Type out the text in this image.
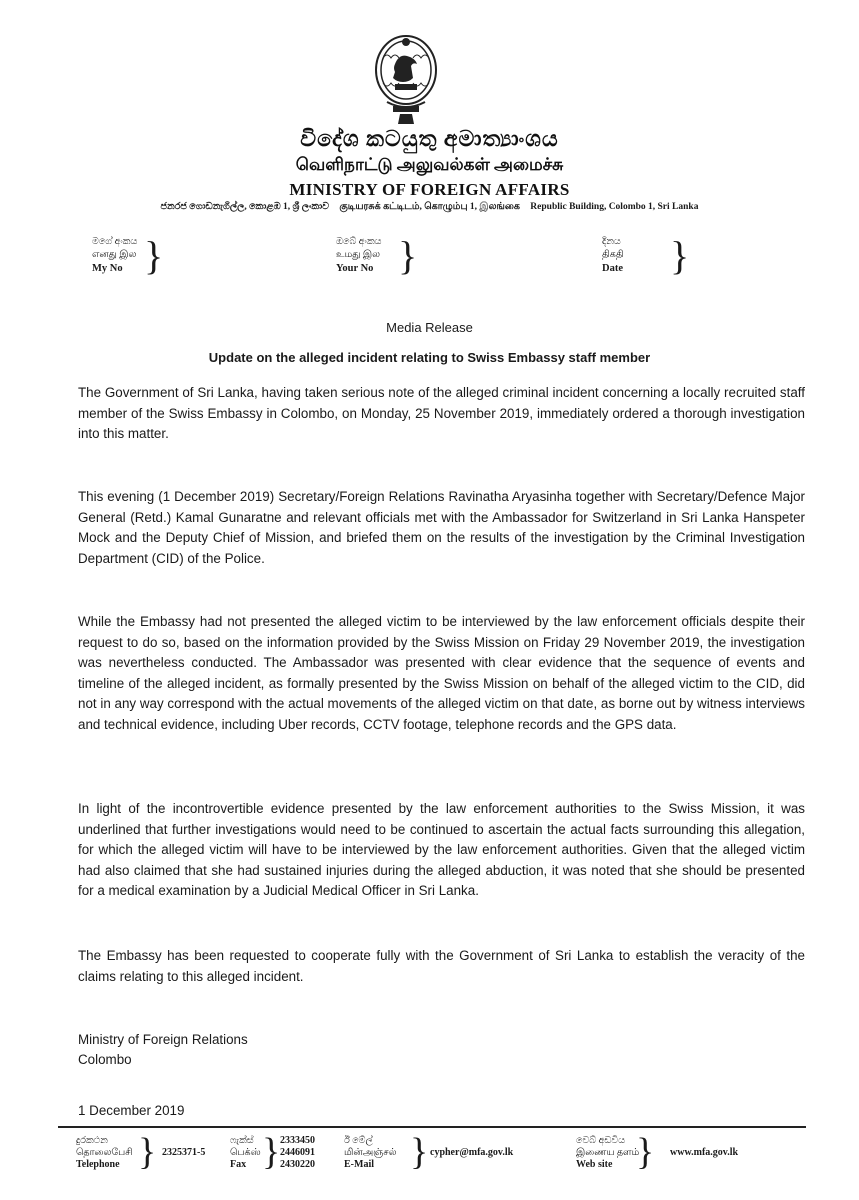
විදේශ කටයුතු අමාත්‍යාංශය
வெளிநாட்டு அலுவல்கள் அமைச்சு
MINISTRY OF FOREIGN AFFAIRS
ජනරජ ගොඩනැගිල්ල, කොළඹ 1, ශ්‍රී ලංකාව குடியரசுக் கட்டிடம், கொழும்பு 1, இலங்கை Republic Building, Colombo 1, Sri Lanka
මගේ අංකය
எனது இல
My No }	ඔබේ අංකය
உமது இல
Your No }	දිනය
திகதி
Date }
Media Release
Update on the alleged incident relating to Swiss Embassy staff member

The Government of Sri Lanka, having taken serious note of the alleged criminal incident concerning a locally recruited staff member of the Swiss Embassy in Colombo, on Monday, 25 November 2019, immediately ordered a thorough investigation into this matter.

This evening (1 December 2019) Secretary/Foreign Relations Ravinatha Aryasinha together with Secretary/Defence Major General (Retd.) Kamal Gunaratne and relevant officials met with the Ambassador for Switzerland in Sri Lanka Hanspeter Mock and the Deputy Chief of Mission, and briefed them on the results of the investigation by the Criminal Investigation Department (CID) of the Police.

While the Embassy had not presented the alleged victim to be interviewed by the law enforcement officials despite their request to do so, based on the information provided by the Swiss Mission on Friday 29 November 2019, the investigation was nevertheless conducted. The Ambassador was presented with clear evidence that the sequence of events and timeline of the alleged incident, as formally presented by the Swiss Mission on behalf of the alleged victim to the CID, did not in any way correspond with the actual movements of the alleged victim on that date, as borne out by witness interviews and technical evidence, including Uber records, CCTV footage, telephone records and the GPS data.

In light of the incontrovertible evidence presented by the law enforcement authorities to the Swiss Mission, it was underlined that further investigations would need to be continued to ascertain the actual facts surrounding this allegation, for which the alleged victim will have to be interviewed by the law enforcement authorities. Given that the alleged victim had also claimed that she had sustained injuries during the alleged abduction, it was noted that she should be presented for a medical examination by a Judicial Medical Officer in Sri Lanka.

The Embassy has been requested to cooperate fully with the Government of Sri Lanka to establish the veracity of the claims relating to this alleged incident.

Ministry of Foreign Relations
Colombo
1 December 2019
දුරකථන
தொலைபேசி
Telephone } 2325371-5
ෆැක්ස්
பெக்ஸ்
Fax } 2333450
2446091
2430220
ඊ මේල්
மின்அஞ்சல்
E-Mail } cypher@mfa.gov.lk
වෙබ් අඩවිය
இணைய தளம்
Web site } www.mfa.gov.lk
